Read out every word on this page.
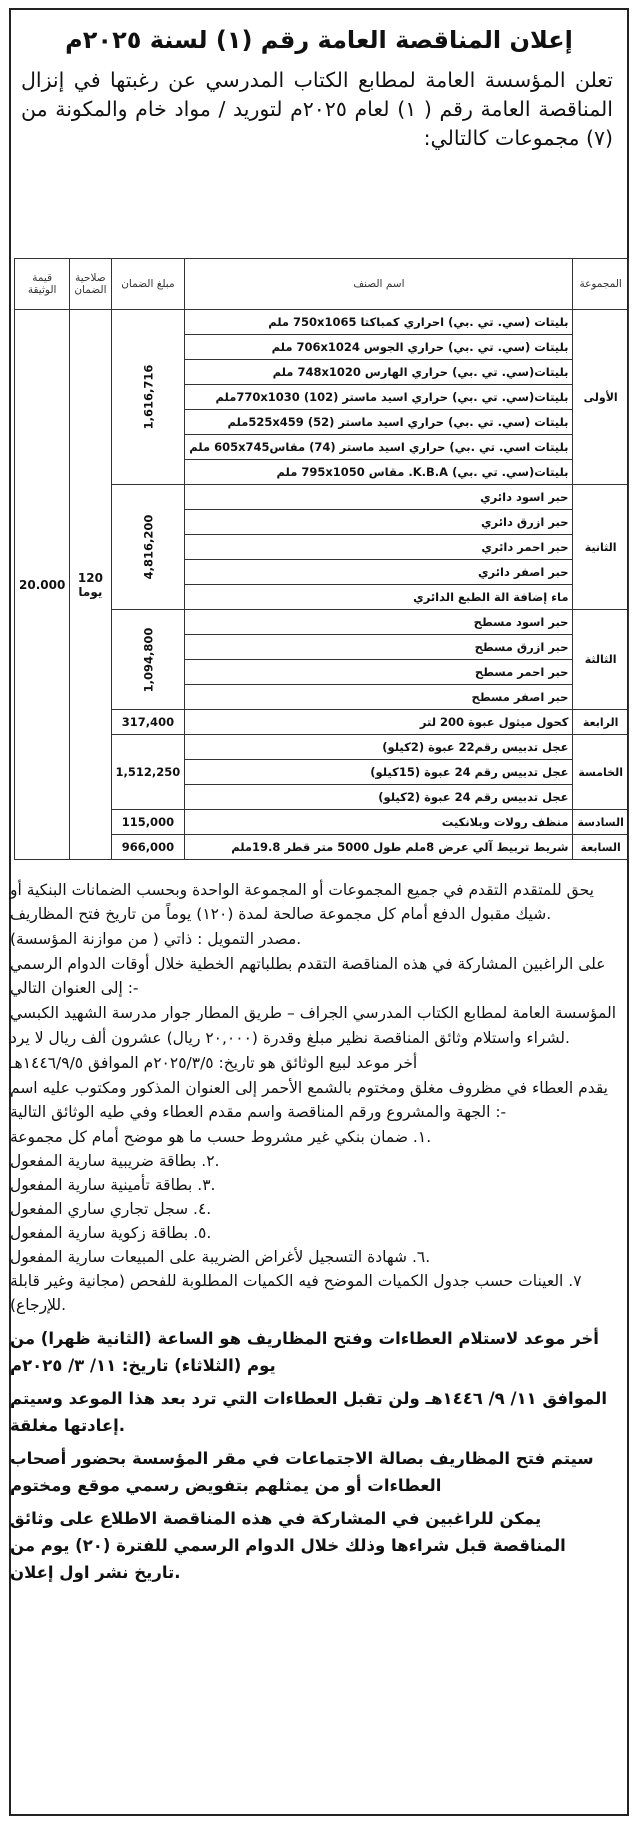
إعلان المناقصة العامة رقم (١) لسنة ٢٠٢٥م
تعلن المؤسسة العامة لمطابع الكتاب المدرسي عن رغبتها في إنزال المناقصة العامة رقم ( ١) لعام ٢٠٢٥م لتوريد / مواد خام والمكونة من (٧) مجموعات كالتالي:
المجموعة	اسم الصنف	مبلغ الضمان	صلاحية الضمان	قيمة الوثيقة
الأولى	بليتات (سي. تي .بي) احراري كمباكتا 750x1065 ملم	1,616,716	120 يوما	20.000
	بليتات (سي. تي .بي) حراري الجوس 706x1024 ملم			
	بليتات(سي. تي .بي) حراري الهارس 748x1020 ملم			
	بليتات(سي. تي .بي) حراري اسيد ماستر (102) 770x1030ملم			
	بليتات (سي. تي .بي) حراري اسيد ماستر (52) 525x459ملم			
	بليتات اسي. تي .بي) حراري اسيد ماستر (74) مقاس605x745 ملم			
	بليتات(سي. تي .بي) K.B.A. مقاس 795x1050 ملم			
الثانية	حبر اسود دائري	4,816,200		
	حبر ازرق دائري			
	حبر احمر دائري			
	حبر اصفر دائري			
	ماء إضافة الة الطبع الدائري			
الثالثة	حبر اسود مسطح	1,094,800		
	حبر ازرق مسطح			
	حبر احمر مسطح			
	حبر اصفر مسطح			
الرابعة	كحول ميثول عبوة 200 لتر	317,400		
الخامسة	عجل تدبيس رقم22 عبوة (2كيلو)	1,512,250		
	عجل تدبيس رقم 24 عبوة (15كيلو)			
	عجل تدبيس رقم 24 عبوة (2كيلو)			
السادسة	منظف رولات وبلانكيت	115,000		
السابعة	شريط تربيط آلي عرض 8ملم طول 5000 متر قطر 19.8ملم	966,000		
• يحق للمتقدم التقدم في جميع المجموعات أو المجموعة الواحدة وبحسب الضمانات البنكية أو شيك مقبول الدفع أمام كل مجموعة صالحة لمدة (١٢٠) يوماً من تاريخ فتح المظاريف.
• مصدر التمويل : ذاتي ( من موازنة المؤسسة).
• على الراغبين المشاركة في هذه المناقصة التقدم بطلباتهم الخطية خلال أوقات الدوام الرسمي إلى العنوان التالي :-
المؤسسة العامة لمطابع الكتاب المدرسي الجراف – طريق المطار جوار مدرسة الشهيد الكبسي
لشراء واستلام وثائق المناقصة نظير مبلغ وقدرة (٢٠,٠٠٠ ريال) عشرون ألف ريال لا يرد.
• أخر موعد لبيع الوثائق هو تاريخ: ٢٠٢٥/٣/٥م الموافق ١٤٤٦/٩/٥هـ
• يقدم العطاء في مظروف مغلق ومختوم بالشمع الأحمر إلى العنوان المذكور ومكتوب عليه اسم الجهة والمشروع ورقم المناقصة واسم مقدم العطاء وفي طيه الوثائق التالية :-
١. ضمان بنكي غير مشروط حسب ما هو موضح أمام كل مجموعة.
٢. بطاقة ضريبية سارية المفعول.
٣. بطاقة تأمينية سارية المفعول.
٤. سجل تجاري ساري المفعول.
٥. بطاقة زكوية سارية المفعول.
٦. شهادة التسجيل لأغراض الضريبة على المبيعات سارية المفعول.
٧. العينات حسب جدول الكميات الموضح فيه الكميات المطلوبة للفحص (مجانية وغير قابلة للإرجاع).
• أخر موعد لاستلام العطاءات وفتح المظاريف هو الساعة (الثانية ظهرا) من يوم (الثلاثاء) تاريخ: ١١/ ٣/ ٢٠٢٥م
• الموافق ١١/ ٩/ ١٤٤٦هـ ولن تقبل العطاءات التي ترد بعد هذا الموعد وسيتم إعادتها مغلقة.
• سيتم فتح المظاريف بصالة الاجتماعات في مقر المؤسسة بحضور أصحاب العطاءات أو من يمثلهم بتفويض رسمي موقع ومختوم
• يمكن للراغبين في المشاركة في هذه المناقصة الاطلاع على وثائق المناقصة قبل شراءها وذلك خلال الدوام الرسمي للفترة (٢٠) يوم من تاريخ نشر اول إعلان.
